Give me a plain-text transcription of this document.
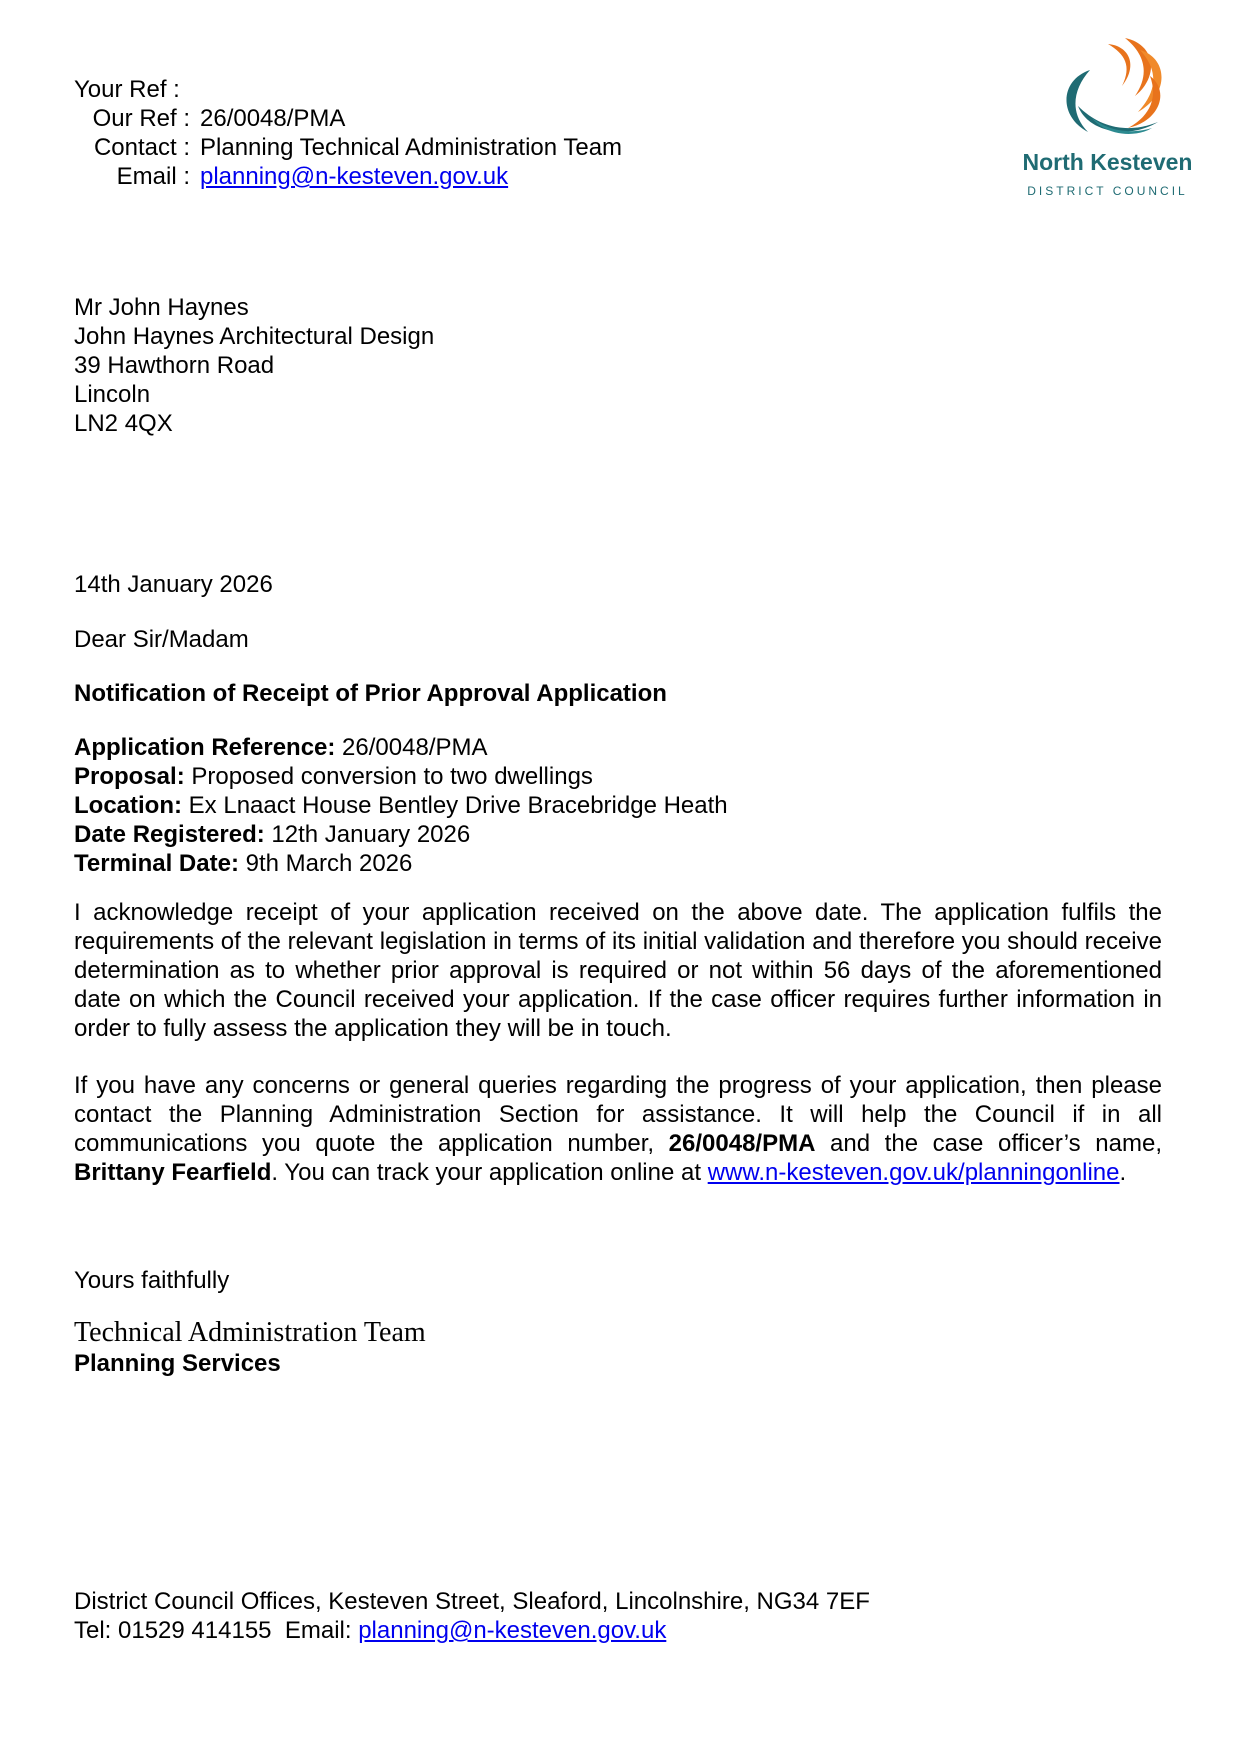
Your Ref :
Our Ref : 26/0048/PMA
Contact : Planning Technical Administration Team
Email : planning@n-kesteven.gov.uk
North Kesteven
DISTRICT COUNCIL
Mr John Haynes
John Haynes Architectural Design
39 Hawthorn Road
Lincoln
LN2 4QX
14th January 2026
Dear Sir/Madam
Notification of Receipt of Prior Approval Application
Application Reference: 26/0048/PMA
Proposal: Proposed conversion to two dwellings
Location: Ex Lnaact House Bentley Drive Bracebridge Heath
Date Registered: 12th January 2026
Terminal Date: 9th March 2026
I acknowledge receipt of your application received on the above date. The application fulfils the requirements of the relevant legislation in terms of its initial validation and therefore you should receive determination as to whether prior approval is required or not within 56 days of the aforementioned date on which the Council received your application. If the case officer requires further information in order to fully assess the application they will be in touch.
If you have any concerns or general queries regarding the progress of your application, then please contact the Planning Administration Section for assistance. It will help the Council if in all communications you quote the application number, 26/0048/PMA and the case officer’s name, Brittany Fearfield. You can track your application online at www.n-kesteven.gov.uk/planningonline.
Yours faithfully
Technical Administration Team
Planning Services
District Council Offices, Kesteven Street, Sleaford, Lincolnshire, NG34 7EF
Tel: 01529 414155  Email: planning@n-kesteven.gov.uk
